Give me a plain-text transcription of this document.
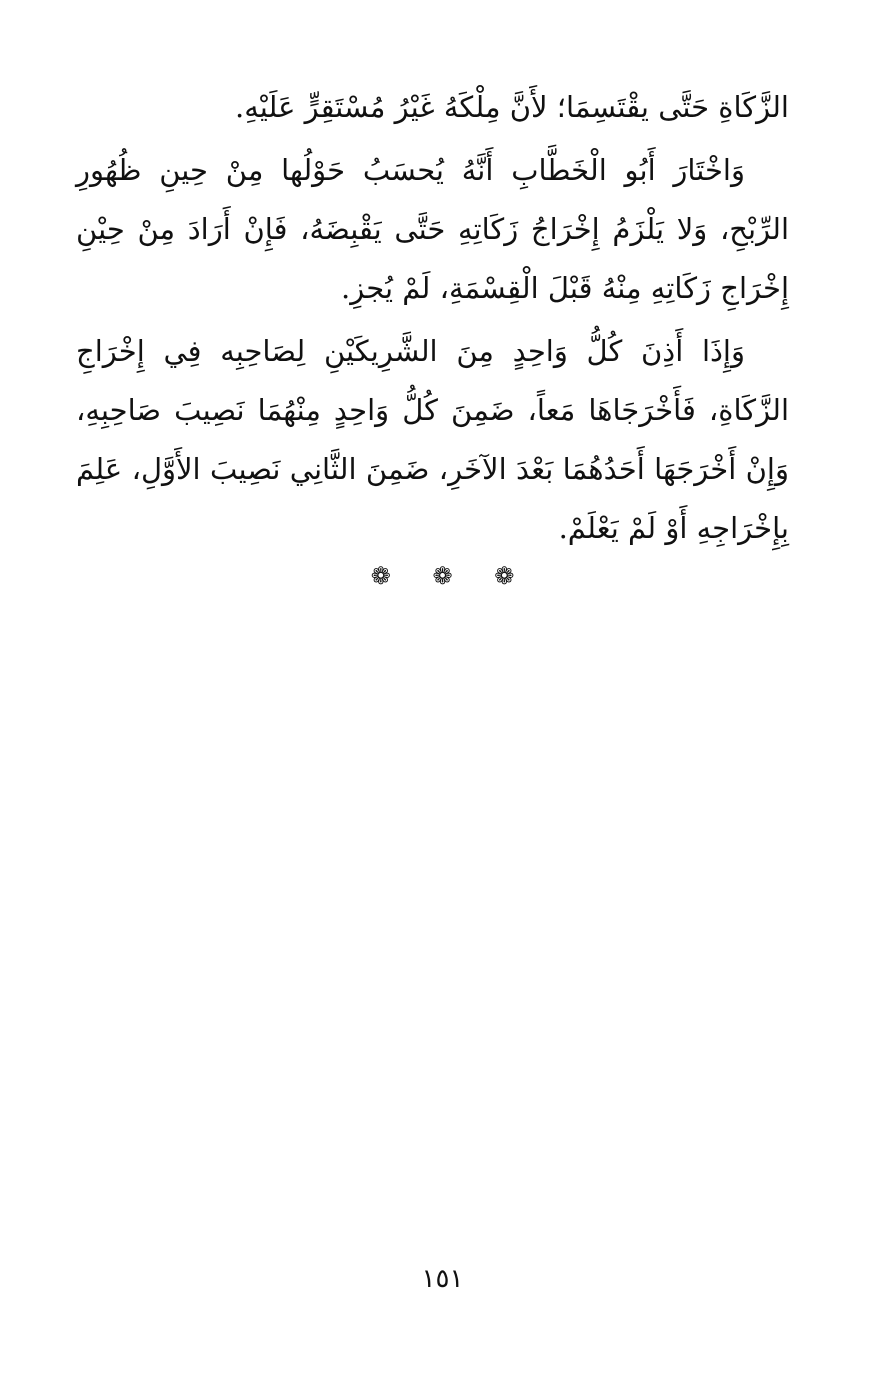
الزَّكَاةِ حَتَّى يقْتَسِمَا؛ لأَنَّ مِلْكَهُ غَيْرُ مُسْتَقِرٍّ عَلَيْهِ.

وَاخْتَارَ أَبُو الْخَطَّابِ أَنَّهُ يُحسَبُ حَوْلُها مِنْ حِينِ ظُهُورِ الرِّبْحِ، وَلا يَلْزَمُ إِخْرَاجُ زَكَاتِهِ حَتَّى يَقْبِضَهُ، فَإِنْ أَرَادَ مِنْ حِيْنِ إِخْرَاجِ زَكَاتِهِ مِنْهُ قَبْلَ الْقِسْمَةِ، لَمْ يُجزِ.

وَإِذَا أَذِنَ كُلُّ وَاحِدٍ مِنَ الشَّرِيكَيْنِ لِصَاحِبِه فِي إِخْرَاجِ الزَّكَاةِ، فَأَخْرَجَاهَا مَعاً، ضَمِنَ كُلُّ وَاحِدٍ مِنْهُمَا نَصِيبَ صَاحِبِهِ، وَإِنْ أَخْرَجَهَا أَحَدُهُمَا بَعْدَ الآخَرِ، ضَمِنَ الثَّانِي نَصِيبَ الأَوَّلِ، عَلِمَ بِإِخْرَاجِهِ أَوْ لَمْ يَعْلَمْ.

❁ ❁ ❁
١٥١
